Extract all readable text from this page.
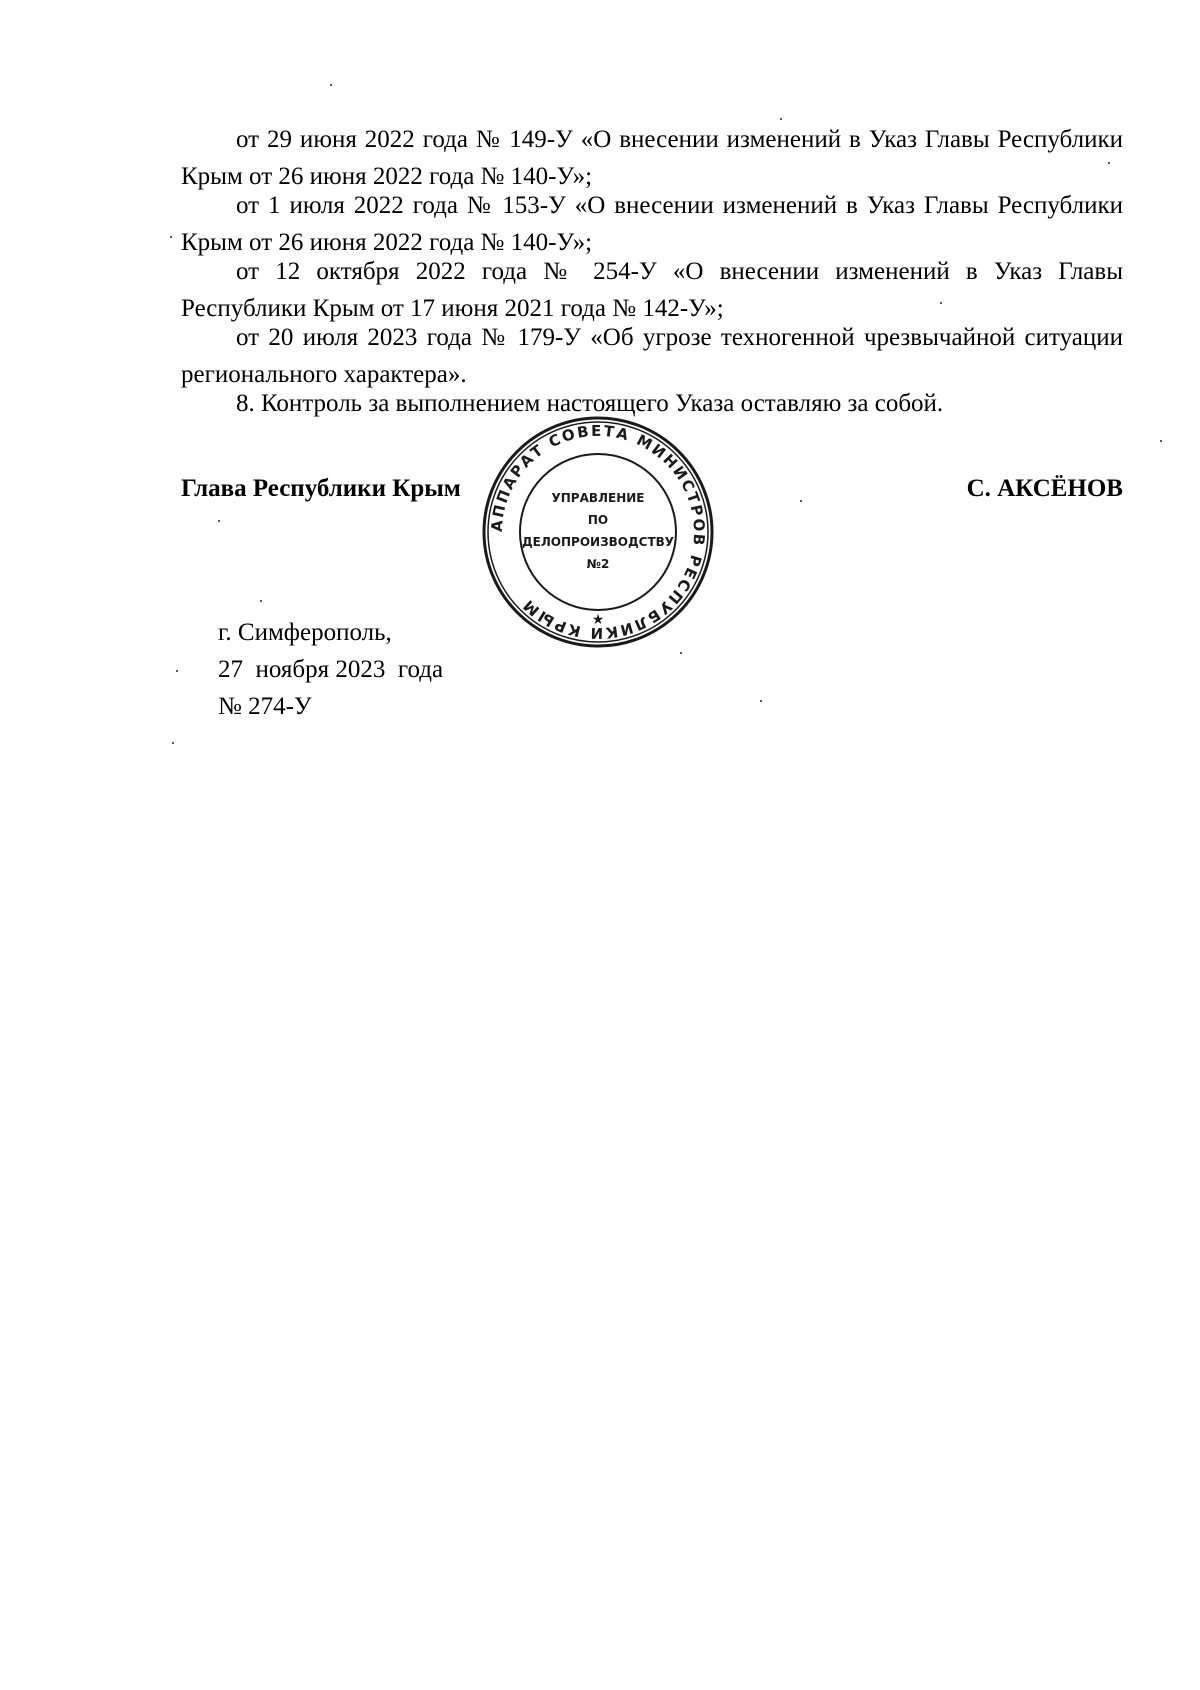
от 29 июня 2022 года № 149-У «О внесении изменений в Указ Главы Республики Крым от 26 июня 2022 года № 140-У»;

от 1 июля 2022 года № 153-У «О внесении изменений в Указ Главы Республики Крым от 26 июня 2022 года № 140-У»;

от 12 октября 2022 года № 254-У «О внесении изменений в Указ Главы Республики Крым от 17 июня 2021 года № 142-У»;

от 20 июля 2023 года № 179-У «Об угрозе техногенной чрезвычайной ситуации регионального характера».

8. Контроль за выполнением настоящего Указа оставляю за собой.

Глава Республики Крым	С. АКСЁНОВ
АППАРАТ СОВЕТА МИНИСТРОВ РЕСПУБЛИКИ КРЫМ
★
УПРАВЛЕНИЕ
ПО
ДЕЛОПРОИЗВОДСТВУ
№2
г. Симферополь,
27  ноября 2023  года
№ 274-У
